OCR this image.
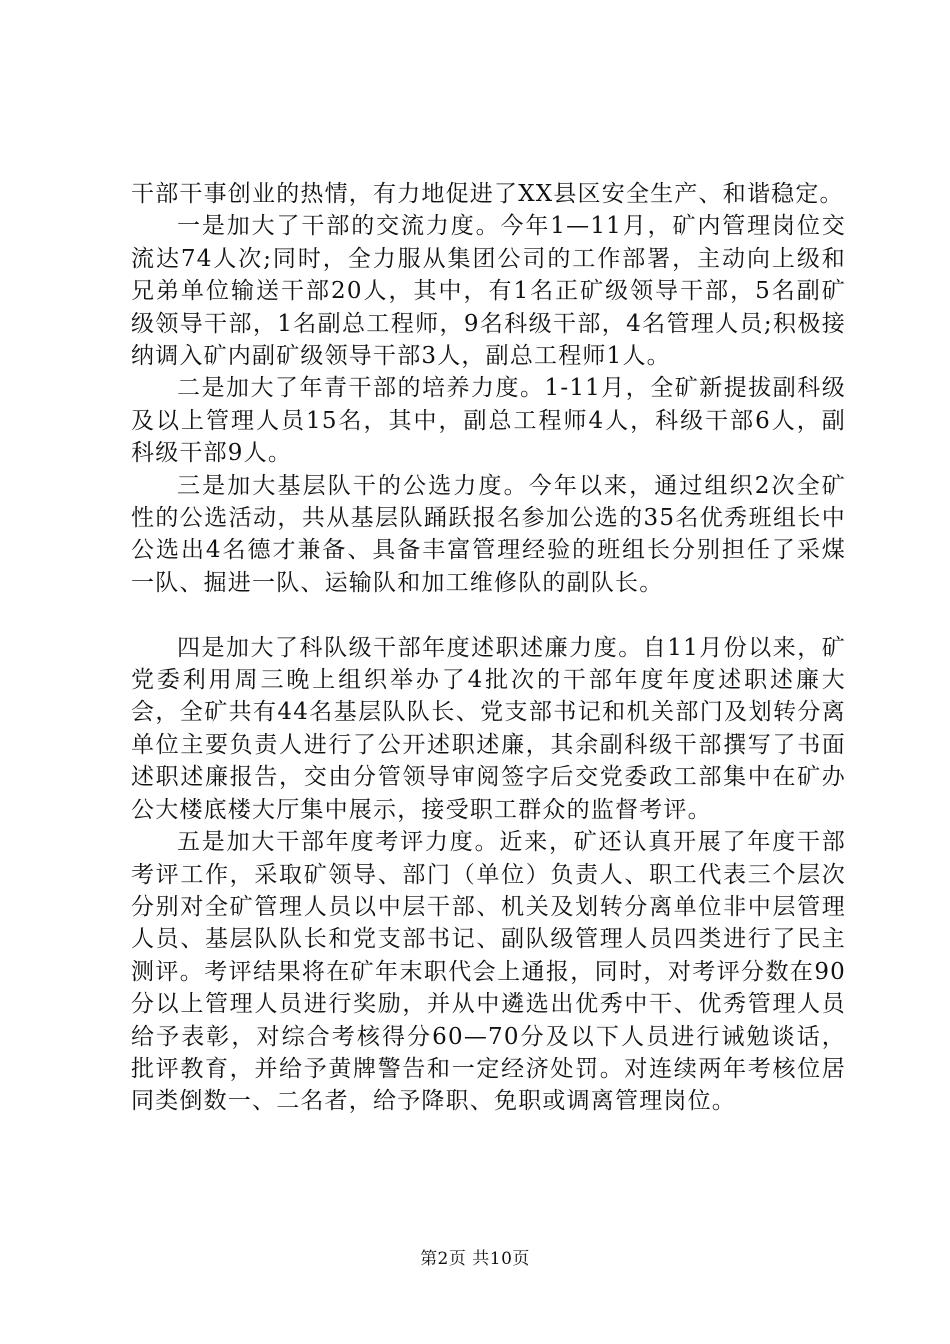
干部干事创业的热情，有力地促进了XX县区安全生产、和谐稳定。

一是加大了干部的交流力度。今年1—11月，矿内管理岗位交流达74人次;同时，全力服从集团公司的工作部署，主动向上级和兄弟单位输送干部20人，其中，有1名正矿级领导干部，5名副矿级领导干部，1名副总工程师，9名科级干部，4名管理人员;积极接纳调入矿内副矿级领导干部3人，副总工程师1人。

二是加大了年青干部的培养力度。1-11月，全矿新提拔副科级及以上管理人员15名，其中，副总工程师4人，科级干部6人，副科级干部9人。

三是加大基层队干的公选力度。今年以来，通过组织2次全矿性的公选活动，共从基层队踊跃报名参加公选的35名优秀班组长中公选出4名德才兼备、具备丰富管理经验的班组长分别担任了采煤一队、掘进一队、运输队和加工维修队的副队长。

四是加大了科队级干部年度述职述廉力度。自11月份以来，矿党委利用周三晚上组织举办了4批次的干部年度年度述职述廉大会，全矿共有44名基层队队长、党支部书记和机关部门及划转分离单位主要负责人进行了公开述职述廉，其余副科级干部撰写了书面述职述廉报告，交由分管领导审阅签字后交党委政工部集中在矿办公大楼底楼大厅集中展示，接受职工群众的监督考评。

五是加大干部年度考评力度。近来，矿还认真开展了年度干部考评工作，采取矿领导、部门（单位）负责人、职工代表三个层次分别对全矿管理人员以中层干部、机关及划转分离单位非中层管理人员、基层队队长和党支部书记、副队级管理人员四类进行了民主测评。考评结果将在矿年末职代会上通报，同时，对考评分数在90分以上管理人员进行奖励，并从中遴选出优秀中干、优秀管理人员给予表彰，对综合考核得分60—70分及以下人员进行诫勉谈话，批评教育，并给予黄牌警告和一定经济处罚。对连续两年考核位居同类倒数一、二名者，给予降职、免职或调离管理岗位。

第2页 共10页
